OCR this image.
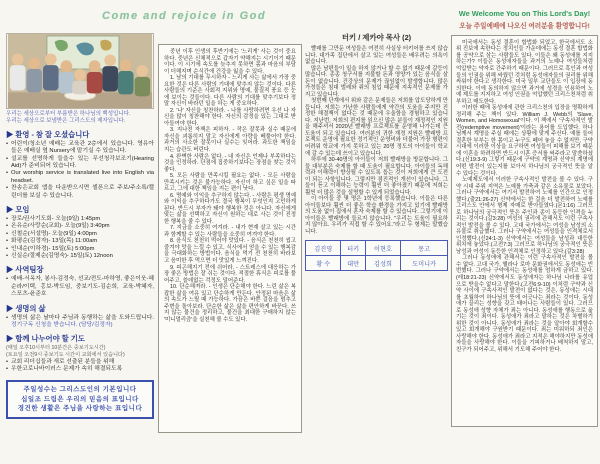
Come and rejoice in God
우리는 세상으로부터 부름받은 하나님의 백성입니다.
우리는 세상으로 보냄받은 그리스도의 제자입니다.
▶ 환영 - 참 잘 오셨습니다
• 어린이/청소년 예배는 교육관 2층에서 있습니다. 영유아들은 예배실 옆 Nursery에 맡기실 수 있습니다.
• 설교를 선명하게 들을수 있는 무선청각보조기(Hearing Aid)가 준비되어 있습니다.
• Our worship service is translated live into English via headset.
• 찬송은교회 앱을 다운받으시면 셀폰으로 주보/주소록/캘린더를 보실 수 있습니다.
▶ 모임
• 장로/권사기도회- 오늘(9일) 1:45pm
• 온유순/사랑순(교회)- 오늘(9일) 3:40pm
• 신철순(서설명)- 오늘(9일) 4:00pm
• 화평순(김정자)- 13일(목) 11:00am
• 인내순(이하경)- 15일(토) 5:00pm
• 신실순/절제순(김명숙)- 15일(토) 12noon
▶ 사역팀장
• 예배-서옥자, 봉사-김정숙, 선교/전도-마하영, 좋은이웃-혜순라/이택, 홍보-박도임, 중보기도-김순희, 교육-박혜자, 스포츠-윤준호
▶ 생명의 삶
• 생명의 삶은 날마다 주님과 동행하는 삶을 도와드립니다. 정기구독 신청을 받습니다. (담당/김정자)
▶ 함께 나누어야 할 기도
(매일 오후10시부터 10분간은 중보기도시간)
(토요일 오전9시 중보기도 시간이 교회에서 있습니다)
• 교회 리더십들과 새로 선출된 분들을 위해
• 우한코로나바이러스 문제가 속히 해결되도록
주일성수는 그리스도인의 기본입니다
십일조 드림은 우리의 믿음의 표입니다
경건한 생활은 주님을 사랑하는 표입니다

중년 이후 인생의 후반기에는 '느리게' 사는 것이 중요하다. 중년은 신체적으로 갑자기 약해지는 시기이기 때문이다. 이 시기에 속도를 늦추지 못하면 몸과 마음의 부담이 더해지며 순식간에 건강을 잃을 수 있다.

1. 남의 기대를 무시하자 - 느리게 사는 삶에서 가장 중요한 것은 다른 사람의 기대에 맞추지 않는 것이다. 다른 사람들의 기준은 사회적 지위와 명예, 물질적 풍요 등 눈에 보이는 것들이다. 다른 사람의 기대를 맞추기보다 정말 자신이 바라던 일을 하는 게 중요하다.

2. '나' 자신을 칭찬하라. - 나를 사랑하려면 우선 나 자신을 많이 칭찬해야 한다. 자신의 감정을 있는 그대로 받아들여야 한다.

3. 지나친 자책은 피하자. - 작은 잘못과 실수 때문에 자신을 괴롭히지 말고 자신에게 아량을 베풀어야 한다. 과거의 사소한 잘못이나 실수는 잊어라. 과도한 책임을 지는 습관도 버린다.

4. 완벽한 사람은 없다. - 내 자신은 언제나 부족하다는 것을 인정하라. 단점에 집중하기보다는 장점을 찾는 것이 좋다.

5. 모든 사람을 만족시킬 필요는 없다. - 모든 사람을 만족시키는 것은 불가능하다. 자신이 하고 싶은 일을 따르고, 그에 대한 책임을 지는 편이 낫다.

6. 명예와 이익을 추구하지 않는다. - 사람은 평생 명예와 이익을 추구하다가도 결국 행복이 무엇인지 고민하게 된다. 반드시 부자가 돼야 행복한 것은 아니다. 자신에게 맞는 삶을 선택하고 자신이 원하는 대로 사는 것이 진정한 행복을 줄 수 있다.

7. 지금을 소중히 여겨라. - 내가 현재 살고 있는 시간과 함께할 수 있는 사람들을 소중히 여겨야 한다.

8. 음식도 천천히 먹어야 맛있다. - 음식은 천천히 씹고 즐겨야 맛을 느낄 수 있고, 식사에서 얻을 수 있는 행복감을 극대화하는 방법이다. 음식을 먹기 전 천천히 바라보고 음미한 후 먹으면 더 맛있게 느껴진다.

9. 피곤해지기 전에 쉬어라. - 스트레스에 대응하는 가장 좋은 방법은 잘 쉬는 것이다. 적절한 휴식은 피로를 풀어주고, 쓸데없는 걱정도 덜어준다.

10. 단순해져라. - 인생은 단순해야 한다. 느린 삶은 복잡한 삶을 여유 있고 단순하게 만든다. 안정된 마음은 삶의 속도가 느릴 때 가능하다. 가끔은 바쁜 걸음을 멈추고 주변을 돌아보라. 단순한 삶은 삶을 편안하게 바꾼다. 쓰지 않는 물건을 정리하고, 물건을 최대한 구매하지 않는 '미니멀리즘'을 실천해 볼 수도 있다.

터키 / 제카야 목사 (2)

빨래를 그만둔 여성들은 여전히 사실상 터키어를 쓰지 않습니다. 대가족 집단에서 살고 있는 여성들은 배우려는 의욕이 없습니다.

많은 남편들이 일을 하지 않거나 할 수 없기 때문에 갈등이 많습니다. 종종 청구서를 지불할 돈과 영양가 있는 음식을 살 돈이 없습니다. 건강상의 문제가 끊임없이 발생합니다. 많은 가정들은 침대 벌레와 쥐의 침입 때문에 지속적인 문제를 가지고 있습니다.

첫번째 단계에서 위와 같은 문제들은 저희를 압도당하게 만듭니다. 저희는 가난한 사람들에게 약간의 도움을 주지만 진정한 해결책이 없다는 것 때문에 우울함을 경험하고 있습니다. 지난번, 저희의 편지를 읽으신 많은 분들이 재정적인 지원을 해주셔서 2020년 빨래방 프로젝트를 운영해 나가는데 큰 도움이 되고 있습니다. 여러분의 귀한 재정 지원은 빨래방 프로젝트 운영에 필요한 정기적인 운영비와 더불어 가장 형편이 어려워 학교에 가지 못하고 있는 20명 정도의 아이들이 학교에 갈 수 있는데 쓰이고 있습니다.

하루에 30-40명의 아이들이 저희 빨래방을 방문합니다. 그들 대부분은 숙제를 할 때 도움이 필요합니다. 아이들의 독해력과 이해력이 향상될 수 있도록 돕는 것이 저희에게 큰 도전이 되는 사항입니다. 그렇지만 점진적인 개선이 있습니다. 그들이 듣고 이해하는 능력이 훨씬 더 좋아졌기 때문에 저희는 훨씬 더 많은 것을 설명할 수 있게 되었습니다.

이 아이들 중 몇 명은 1학년에 등록했습니다. 이들은 다른 아이들보다 훨씬 더 좋은 학습 환경을 가지고 있기에 빨래방의 도움 없이 집에서 혼자 숙제를 할 수 있습니다. 그렇기에 이 아이들은 빨래방에 들르지 않습니다. "우리는 도움이 필요하지 않아요. 우리가 직접 할 수 있어요."라고 두 형제는 말했습니다.

김진영	터키	이현호	몽고
황 수	대만	김성희	도미니카
We Welcome You on This Lord's Day!
오늘 주일예배에 나오신 여러분을 환영합니다!

미국에서는 동성 결혼이 합법화 되었고, 한국에서도 소위 진보에 속한다는 정치인들 가운데에는 동성 결혼 합법화를 공약으로 삼는 사람들도 있다. 이들은 왜 동성애를 지지하는가? 이들은 동성애자들을 과거의 노예나 여성들처럼 억압받는 약자로 간주하기 때문이다. 그러므로 흑인과 여성들의 인권을 위해 싸웠던 것처럼 동성애자들의 권리를 위해 싸워야 한다고 생각한다. 미국 일부 교단들도 이 입장에 동의한다. 이에 동의하지 않으면 과거에 성경을 인용하여 노예 제도를 지지하고 여성 인권을 억압했던 크리스천처럼 취부하고 매도한다.

이러한 때에 동성애에 관한 크리스천의 입장을 명확하게 정리해 주는 책이 있다. William J. Webb의 'Slave, Women, and Homosexual'이다. 이 책에서 '구속사적인 발전(redemptive movement)'이라는 용어를 도입했다. 하나님께서 계명을 주실 때에는 상황에 맞게 주신다. 예를 들어 결혼한 부부는 한 몸이고 누구도 떼어 놓을 수 없지만, 구약 시대에 이러한 이상을 요구하면 여성들이 피해를 보기 때문에 이혼을 하려하면 반드시 이혼 증서를 써주라고 말씀하셨다.(신19:3-9) 그렇기 때문에 구약의 계명과 신약의 계명에 어떤 발전이 있는지를 보아서 하나님의 궁극적인 뜻을 알 수 있다는 것이다.

노예제도에서 이러한 구속사적인 발전을 볼 수 있다. 구약 시대 주위 지역은 노예를 가축과 같은 소유물로 보았다. 그러나 구약에서는 여기서 발전하여 노예를 인간으로 인정했다.(출21:26-27) 신약에서는 한 걸음 더 발전하여 노예를 그리스도 안에서 형제 자매로 받아들였다.(몬1:16) 그러므로 하나님의 궁극적인 뜻은 주인과 종이 동등한 인격을 누리는 것이다.(갈3:28) 여성의 권리에 관해서도 이런 구속사적인 발전을 볼 수 있다. 고대 국가에서는 여성을 남성의 소유물로 취급했다. 그러나 구약에서는 여성들을 인격체로서 인정했다.(신24:1-3) 신약에서는 여성들을 남성과 대등한 위치에 놓았다.(고전7:3) 그러므로 하나님의 궁극적인 뜻은 남성과 여성이 동등한 인격체로 인정하고 있다.(갈3:28)

그러나 동성애에 관해서는 이런 구속사적인 발전을 볼 수 없다. 고대 국가, 헬라나 로마 문화권에서도 동성애는 빈번했다. 그러나 구약에서는 동성애를 엄하게 금하고 있다.(레18:21-23) 신약에서도 동성애자는 하나님 나라를 유업으로 받을수 없다고 말한다.(고전6:9-10) 이처럼 구약과 신약 사이에 구속사적인 발전이 없다는 것은, 동성애는 시대를 초월하여 하나님의 뜻에 어긋나는 죄라는 것이다. 동성애가 끌리는 성향을 갖고 태어나는 사람들이 있다. 그러므로 동성애 성향 자체가 죄는 아니다. 동성애를 행동으로 옮기는 것이 죄이다. 동성애가 죄라고 말하는 것은 차별하기 위한 것이 아니다. 동성애가 죄라는 것을 알아야 회개할수 있고 회개해야 구원받기 때문이다. 죄는 미워하되 죄인은 사랑해야 한다. 동성애가 죄라고 지적은 해야하지만 동성애자들을 사랑해야 한다. 이들을 기피하거나 배척하지 말고, 친구가 되어주고, 위해서 기도해 주어야 한다.
